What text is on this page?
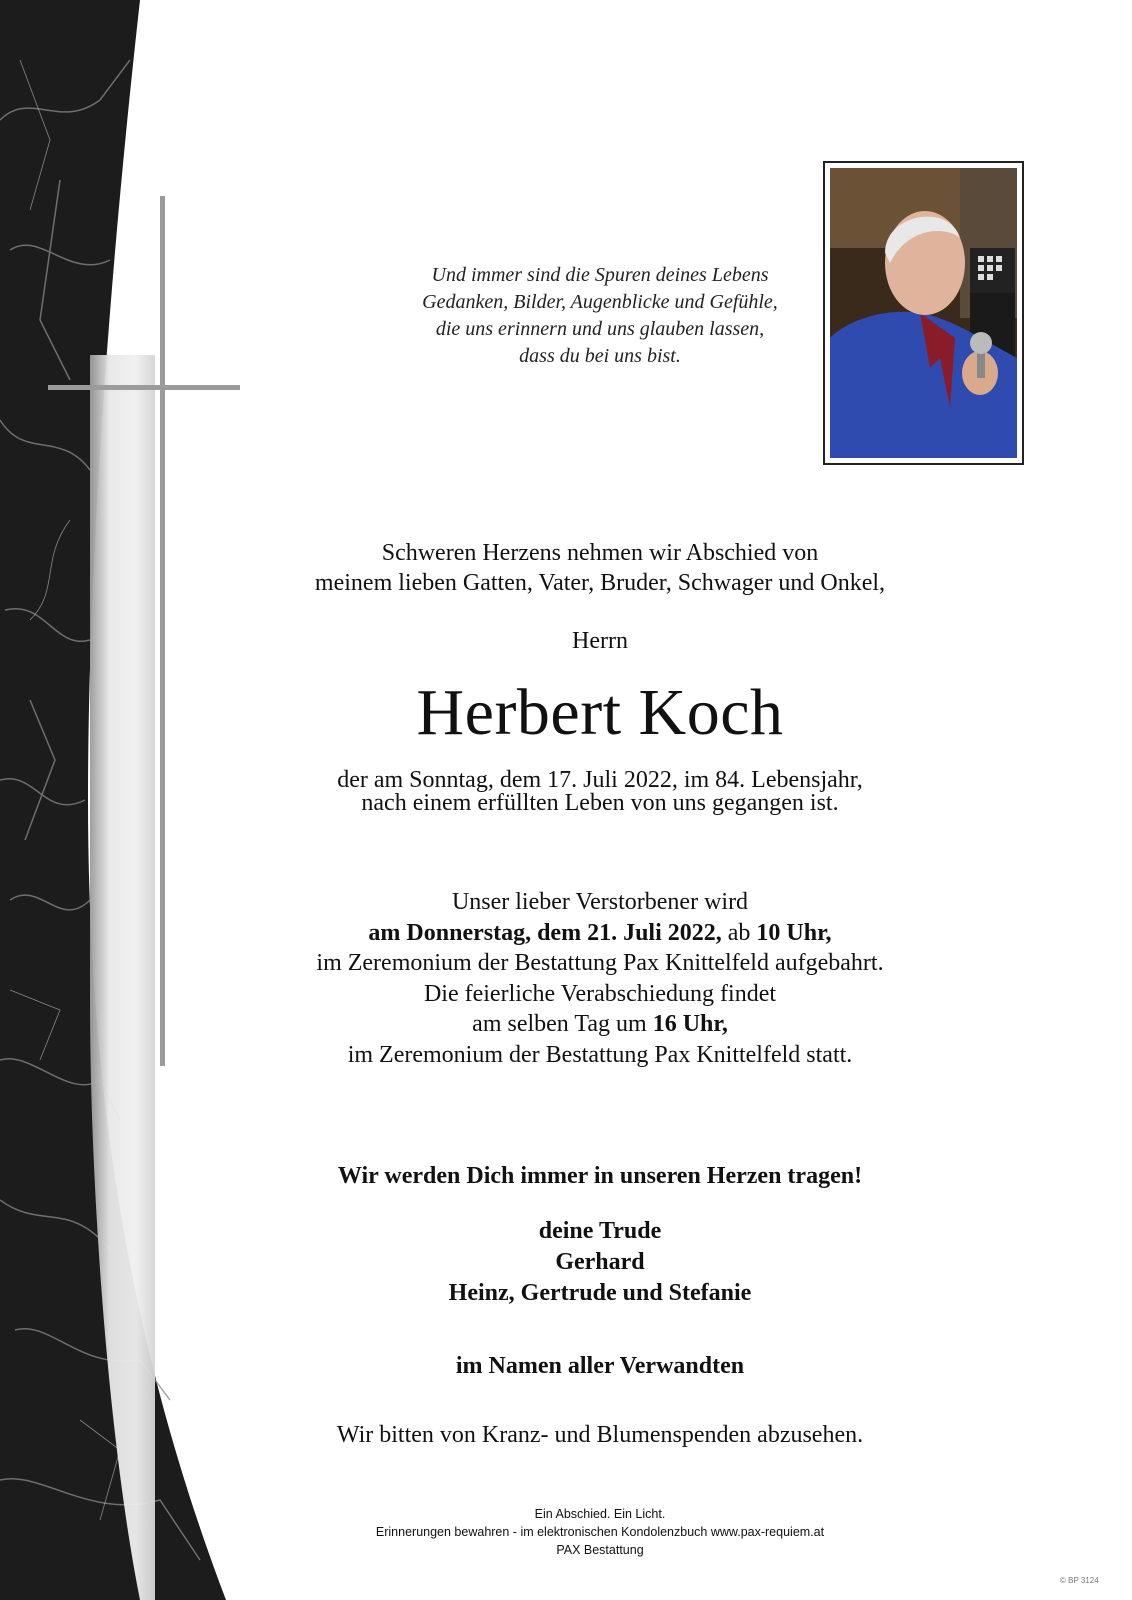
Und immer sind die Spuren deines Lebens
Gedanken, Bilder, Augenblicke und Gefühle,
die uns erinnern und uns glauben lassen,
dass du bei uns bist.
Schweren Herzens nehmen wir Abschied von
meinem lieben Gatten, Vater, Bruder, Schwager und Onkel,
Herrn
Herbert Koch
der am Sonntag, dem 17. Juli 2022, im 84. Lebensjahr,
nach einem erfüllten Leben von uns gegangen ist.
Unser lieber Verstorbener wird
am Donnerstag, dem 21. Juli 2022, ab 10 Uhr,
im Zeremonium der Bestattung Pax Knittelfeld aufgebahrt.
Die feierliche Verabschiedung findet
am selben Tag um 16 Uhr,
im Zeremonium der Bestattung Pax Knittelfeld statt.
Wir werden Dich immer in unseren Herzen tragen!
deine Trude
Gerhard
Heinz, Gertrude und Stefanie
im Namen aller Verwandten
Wir bitten von Kranz- und Blumenspenden abzusehen.
Ein Abschied. Ein Licht.
Erinnerungen bewahren - im elektronischen Kondolenzbuch www.pax-requiem.at
PAX Bestattung
© BP 3124
